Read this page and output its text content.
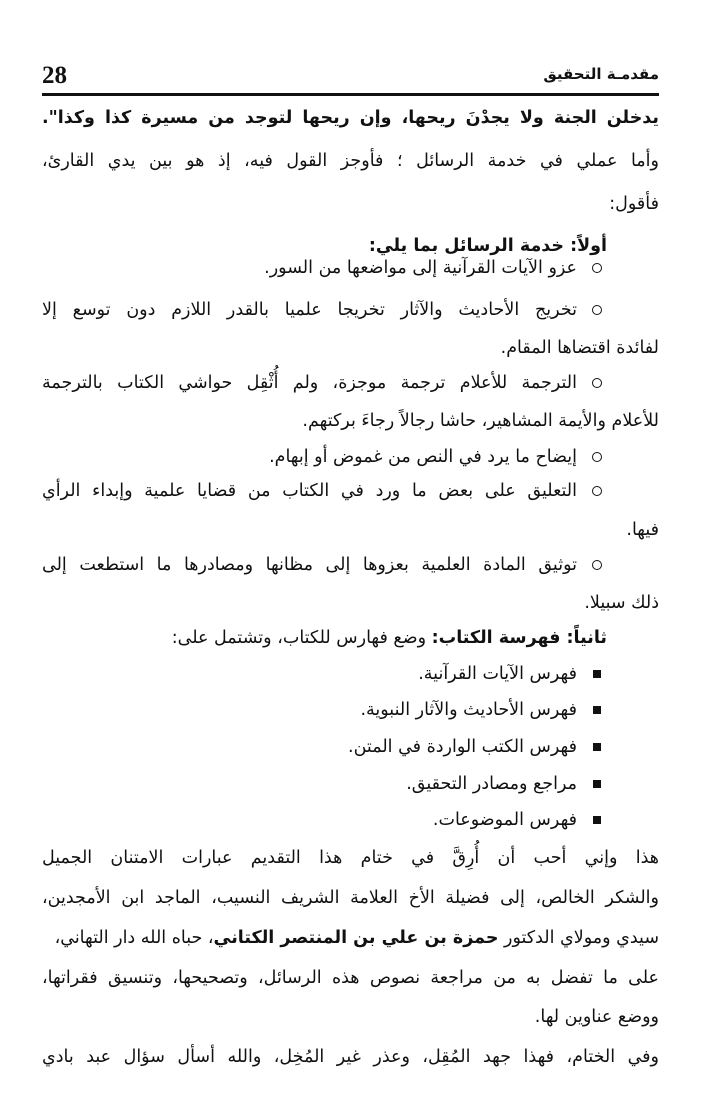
28	مقدمـة التحقيق
يدخلن الجنة ولا يجدْنَ ريحها، وإن ريحها لتوجد من مسيرة كذا وكذا".
وأما عملي في خدمة الرسائل ؛ فأوجز القول فيه، إذ هو بين يدي القارئ،
فأقول:
أولاً: خدمة الرسائل بما يلي:
عزو الآيات القرآنية إلى مواضعها من السور.
تخريج الأحاديث والآثار تخريجا علميا بالقدر اللازم دون توسع إلا
لفائدة اقتضاها المقام.
الترجمة للأعلام ترجمة موجزة، ولم أُثْقِل حواشي الكتاب بالترجمة
للأعلام والأيمة المشاهير، حاشا رجالاً رجاءَ بركتهم.
إيضاح ما يرد في النص من غموض أو إبهام.
التعليق على بعض ما ورد في الكتاب من قضايا علمية وإبداء الرأي
فيها.
توثيق المادة العلمية بعزوها إلى مظانها ومصادرها ما استطعت إلى
ذلك سبيلا.
ثانياً: فهرسة الكتاب: وضع فهارس للكتاب، وتشتمل على:
فهرس الآيات القرآنية.
فهرس الأحاديث والآثار النبوية.
فهرس الكتب الواردة في المتن.
مراجع ومصادر التحقيق.
فهرس الموضوعات.
هذا وإني أحب أن أُرِقَّ في ختام هذا التقديم عبارات الامتنان الجميل
والشكر الخالص، إلى فضيلة الأخ العلامة الشريف النسيب، الماجد ابن الأمجدين،
سيدي ومولاي الدكتور حمزة بن علي بن المنتصر الكتاني، حباه الله دار التهاني،
على ما تفضل به من مراجعة نصوص هذه الرسائل، وتصحيحها، وتنسيق فقراتها،
ووضع عناوين لها.
وفي الختام، فهذا جهد المُقِل، وعذر غير المُخِل، والله أسأل سؤال عبد بادي
